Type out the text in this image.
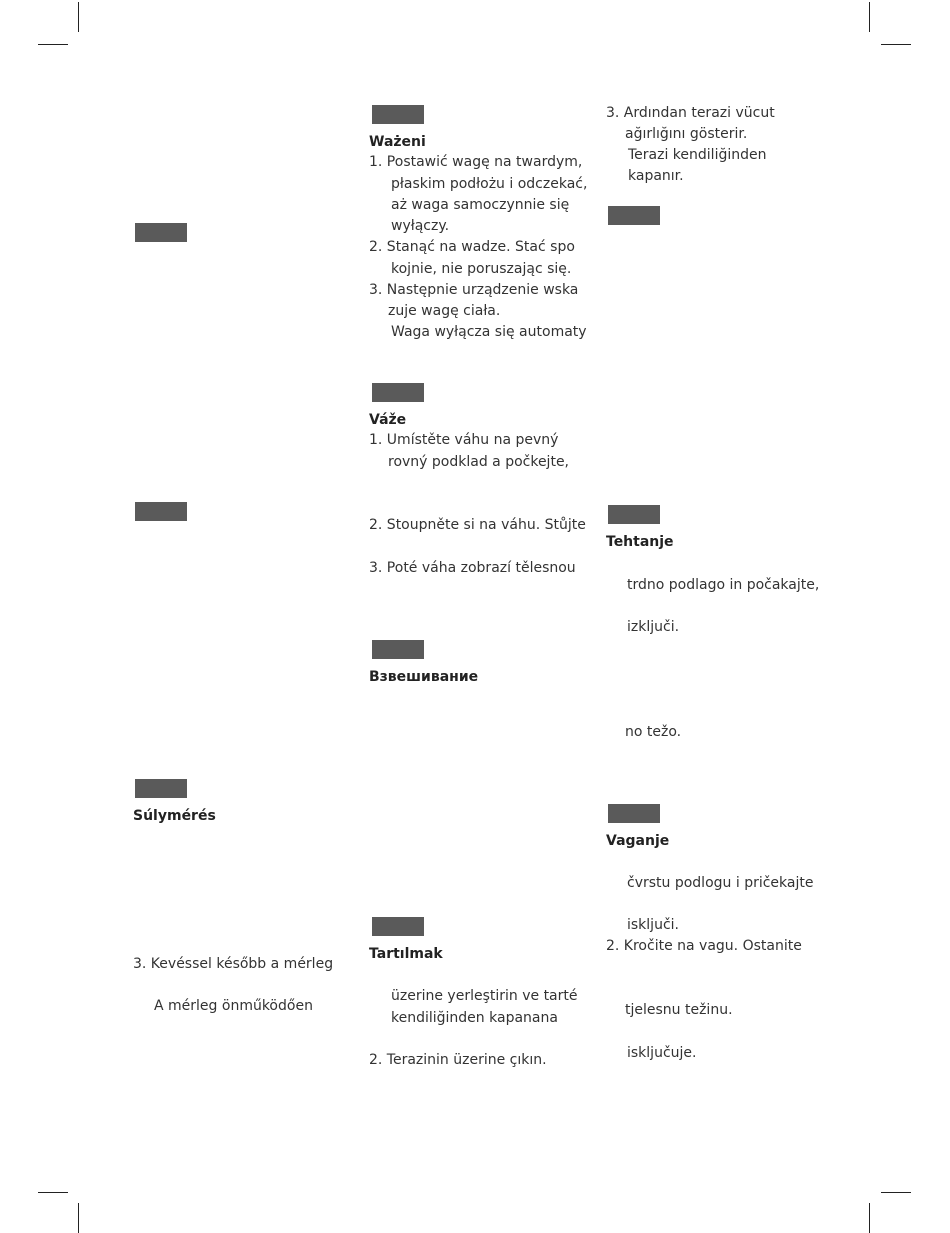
Súlymérés
3. Kevéssel később a mérleg
A mérleg önműködően
Ważeni
1. Postawić wagę na twardym,
płaskim podłożu i odczekać,
aż waga samoczynnie się
wyłączy.
2. Stanąć na wadze. Stać spo
kojnie, nie poruszając się.
3. Następnie urządzenie wska
zuje wagę ciała.
Waga wyłącza się automaty
Váže
1. Umístěte váhu na pevný
rovný podklad a počkejte,
2. Stoupněte si na váhu. Stůjte
3. Poté váha zobrazí tělesnou
Взвешивание
Tartılmak
üzerine yerleştirin ve tarté
kendiliğinden kapanana
2. Terazinin üzerine çıkın.
3. Ardından terazi vücut
ağırlığını gösterir.
Terazi kendiliğinden
kapanır.
Tehtanje
trdno podlago in počakajte,
izključi.
no težo.
Vaganje
čvrstu podlogu i pričekajte
isključi.
2. Kročite na vagu. Ostanite
tjelesnu težinu.
isključuje.
